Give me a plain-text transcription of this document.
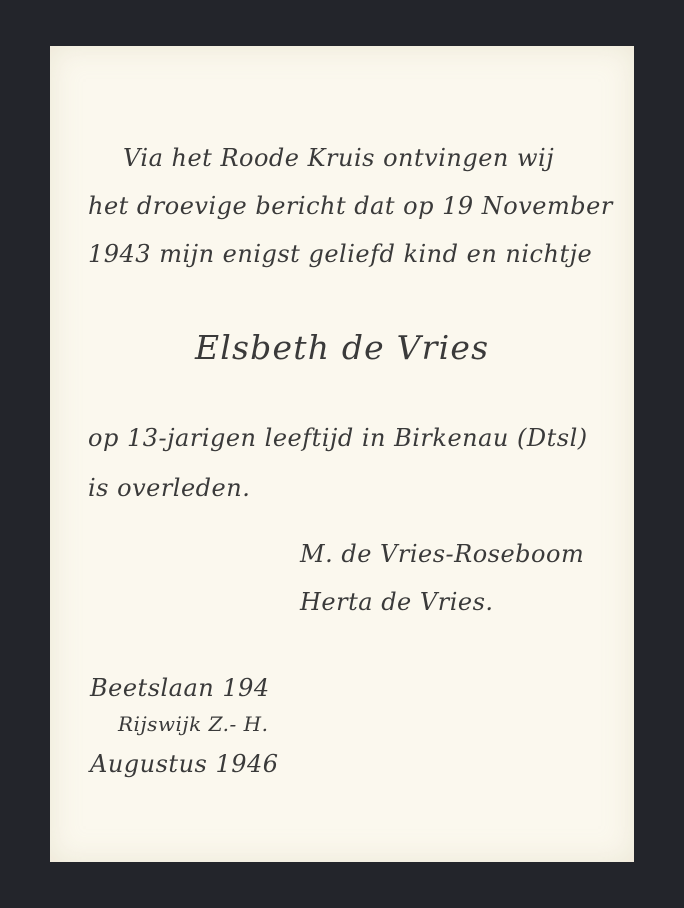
Via het Roode Kruis ontvingen wij
het droevige bericht dat op 19 November
1943 mijn enigst geliefd kind en nichtje
Elsbeth de Vries
op 13-jarigen leeftijd in Birkenau (Dtsl)
is overleden.
M. de Vries-Roseboom
Herta de Vries.
Beetslaan 194
Rijswijk Z.- H.
Augustus 1946
